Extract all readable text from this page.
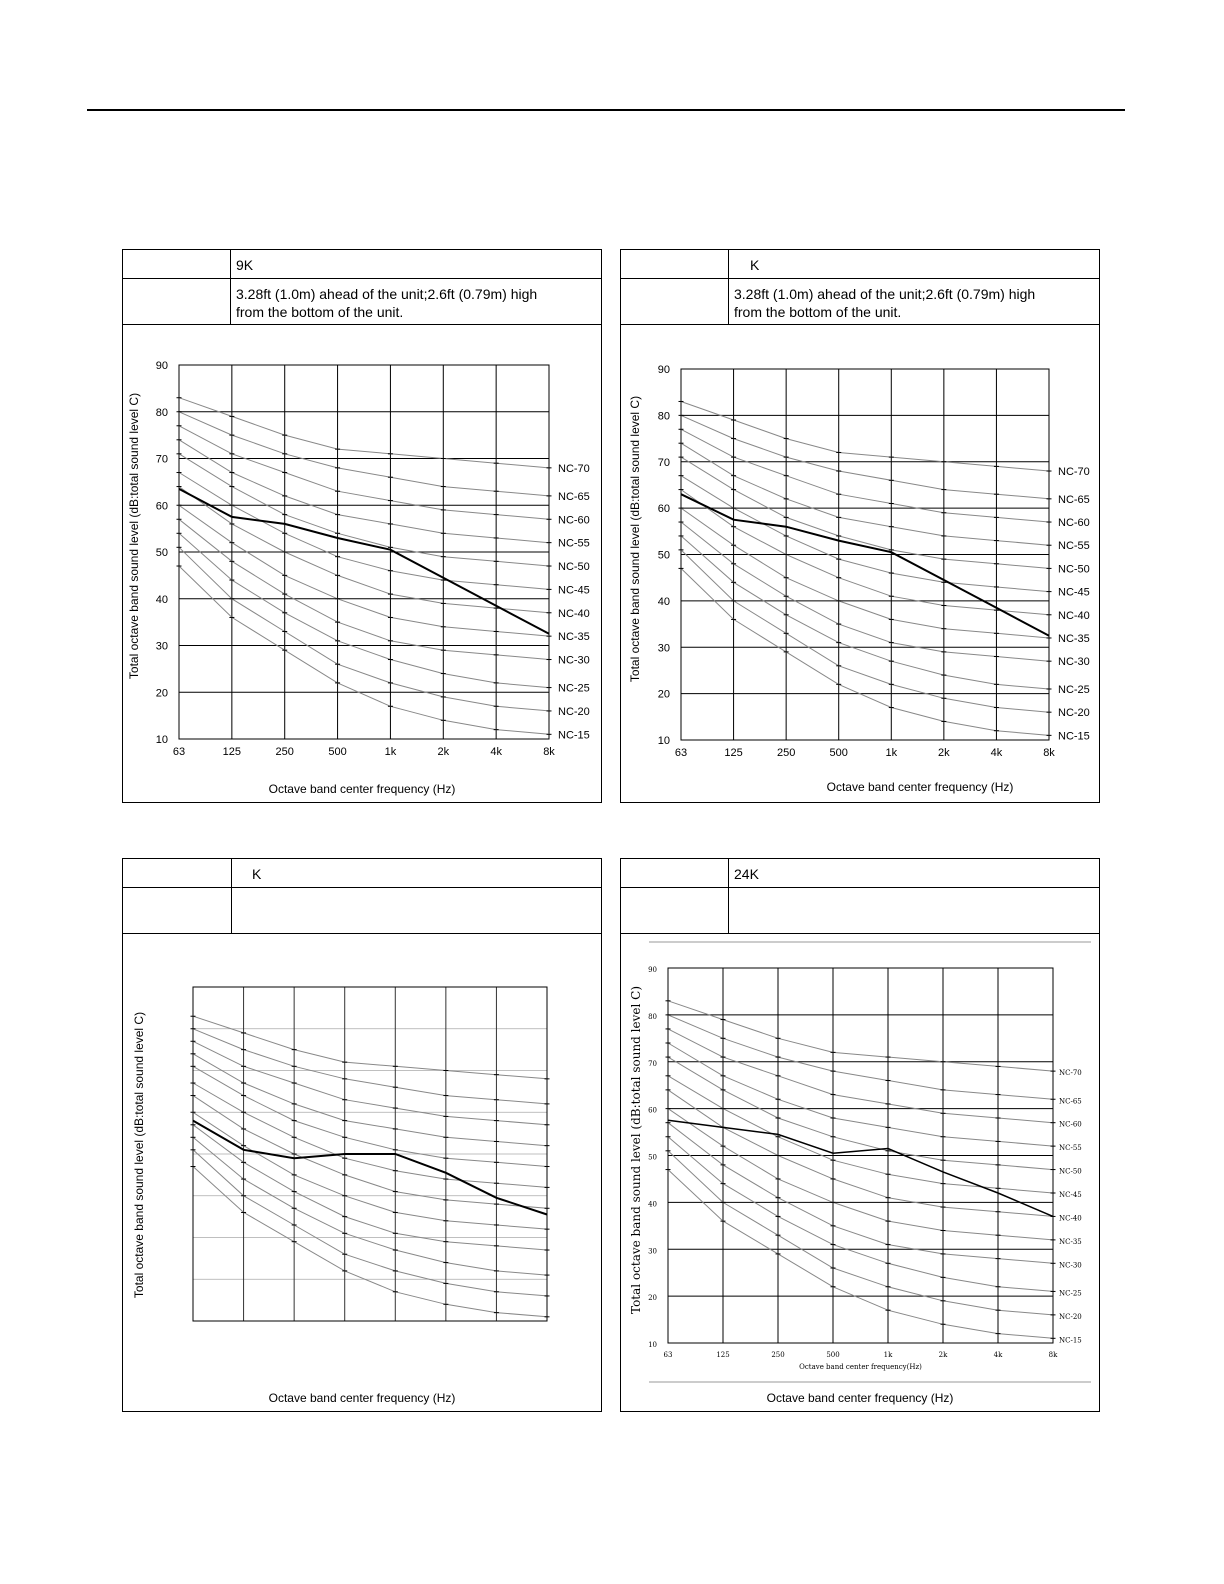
9K
3.28ft (1.0m) ahead of the unit;2.6ft (0.79m) high
from the bottom of the unit.
10
20
30
40
50
60
70
80
90
63	125	250	500	1k	2k	4k	8k
NC-70
NC-65
NC-60
NC-55
NC-50
NC-45
NC-40
NC-35
NC-30
NC-25
NC-20
NC-15
Total octave band sound level (dB:total sound level C)
Octave band center frequency (Hz)
K
3.28ft (1.0m) ahead of the unit;2.6ft (0.79m) high
from the bottom of the unit.
10
20
30
40
50
60
70
80
90
63	125	250	500	1k	2k	4k	8k
NC-70
NC-65
NC-60
NC-55
NC-50
NC-45
NC-40
NC-35
NC-30
NC-25
NC-20
NC-15
Total octave band sound level (dB:total sound level C)
Octave band center frequency (Hz)
K
Total octave band sound level (dB:total sound level C)
Octave band center frequency (Hz)
24K
10
20
30
40
50
60
70
80
90
63	125	250	500	1k	2k	4k	8k
NC-70
NC-65
NC-60
NC-55
NC-50
NC-45
NC-40
NC-35
NC-30
NC-25
NC-20
NC-15
Total octave band sound level (dB:total sound level C)
Octave band center frequency(Hz)
Octave band center frequency (Hz)
